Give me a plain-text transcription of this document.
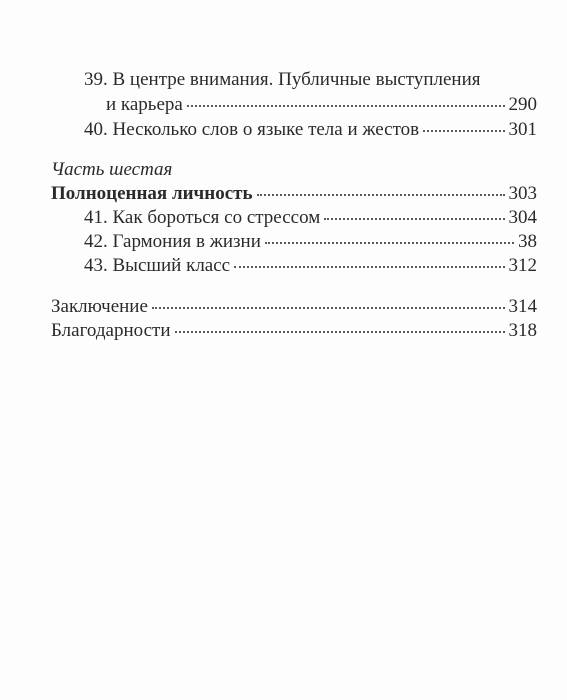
39. В центре внимания. Публичные выступления
и карьера	290
40. Несколько слов о языке тела и жестов	301
Часть шестая
Полноценная личность	303
41. Как бороться со стрессом	304
42. Гармония в жизни	38
43. Высший класс	312
Заключение	314
Благодарности	318
